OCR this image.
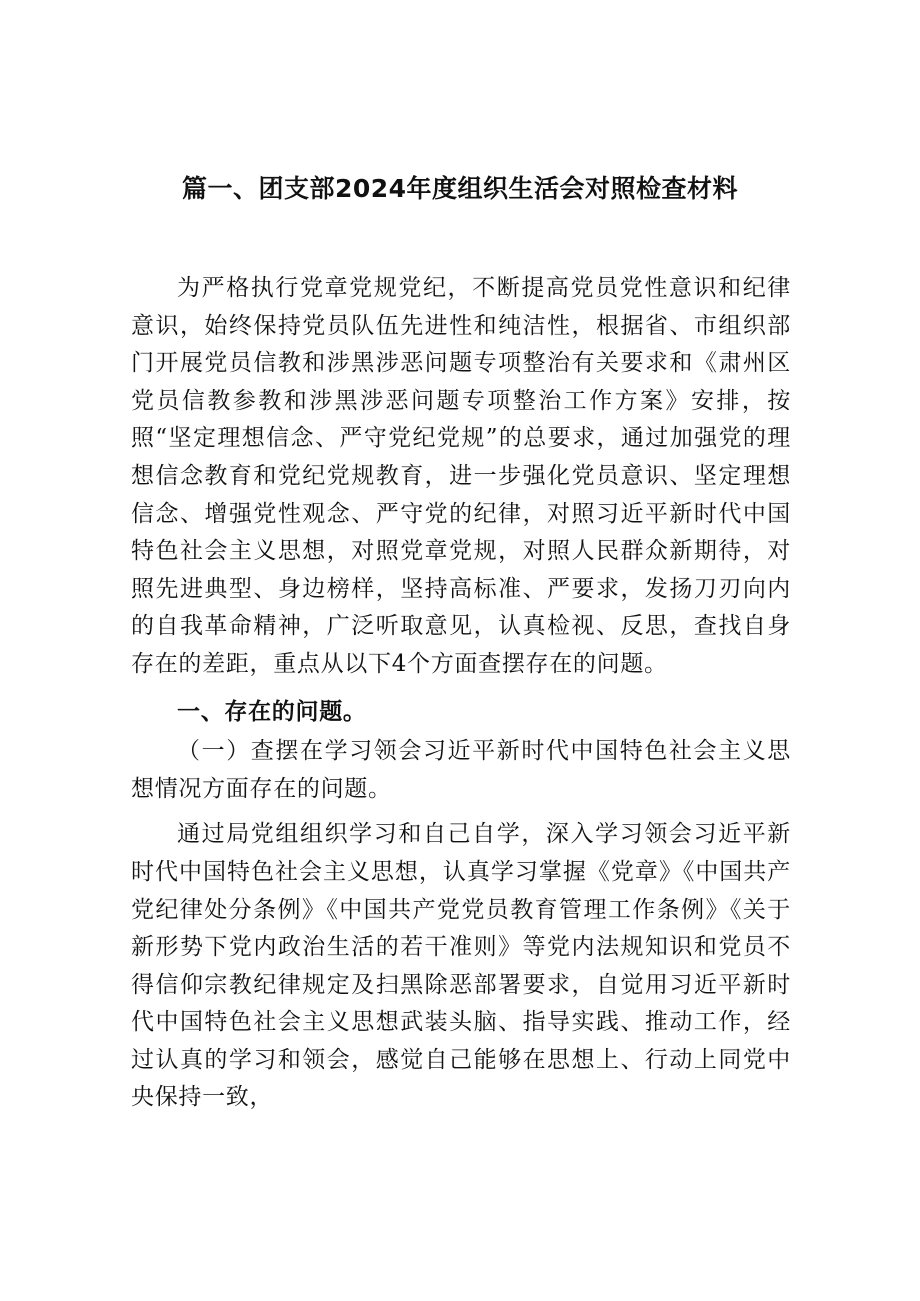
篇一、团支部2024年度组织生活会对照检查材料

为严格执行党章党规党纪，不断提高党员党性意识和纪律意识，始终保持党员队伍先进性和纯洁性，根据省、市组织部门开展党员信教和涉黑涉恶问题专项整治有关要求和《肃州区党员信教参教和涉黑涉恶问题专项整治工作方案》安排，按照“坚定理想信念、严守党纪党规”的总要求，通过加强党的理想信念教育和党纪党规教育，进一步强化党员意识、坚定理想信念、增强党性观念、严守党的纪律，对照习近平新时代中国特色社会主义思想，对照党章党规，对照人民群众新期待，对照先进典型、身边榜样，坚持高标准、严要求，发扬刀刃向内的自我革命精神，广泛听取意见，认真检视、反思，查找自身存在的差距，重点从以下4个方面查摆存在的问题。

一、存在的问题。

（一）查摆在学习领会习近平新时代中国特色社会主义思想情况方面存在的问题。

通过局党组组织学习和自己自学，深入学习领会习近平新时代中国特色社会主义思想，认真学习掌握《党章》《中国共产党纪律处分条例》《中国共产党党员教育管理工作条例》《关于新形势下党内政治生活的若干准则》等党内法规知识和党员不得信仰宗教纪律规定及扫黑除恶部署要求，自觉用习近平新时代中国特色社会主义思想武装头脑、指导实践、推动工作，经过认真的学习和领会，感觉自己能够在思想上、行动上同党中央保持一致，
